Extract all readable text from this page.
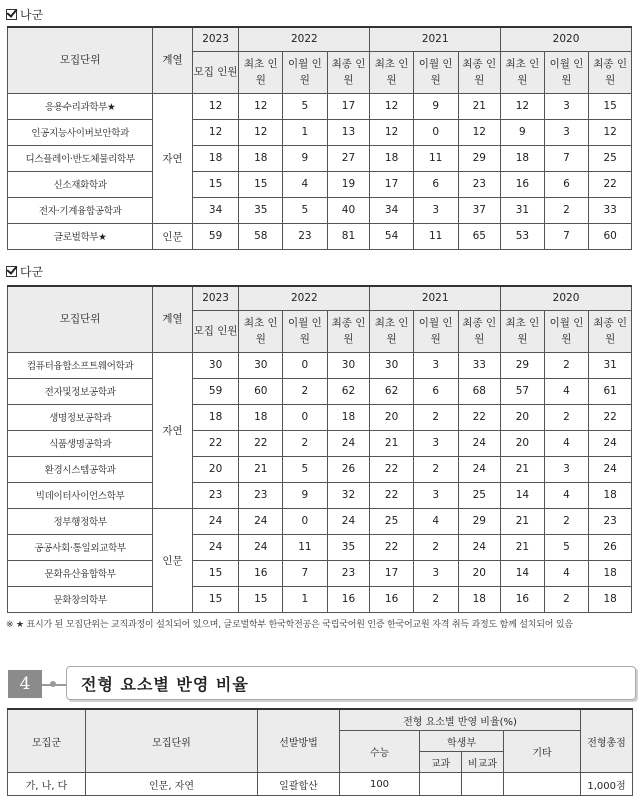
나군
모집단위	계열	2023	2022			2021			2020		
		모집 인원	최초 인원	이월 인원	최종 인원	최초 인원	이월 인원	최종 인원	최초 인원	이월 인원	최종 인원
응용수리과학부★	자연	12	12	5	17	12	9	21	12	3	15
인공지능사이버보안학과		12	12	1	13	12	0	12	9	3	12
디스플레이·반도체물리학부		18	18	9	27	18	11	29	18	7	25
신소재화학과		15	15	4	19	17	6	23	16	6	22
전자·기계융합공학과		34	35	5	40	34	3	37	31	2	33
글로벌학부★	인문	59	58	23	81	54	11	65	53	7	60
다군
모집단위	계열	2023	2022			2021			2020		
		모집 인원	최초 인원	이월 인원	최종 인원	최초 인원	이월 인원	최종 인원	최초 인원	이월 인원	최종 인원
컴퓨터융합소프트웨어학과	자연	30	30	0	30	30	3	33	29	2	31
전자및정보공학과		59	60	2	62	62	6	68	57	4	61
생명정보공학과		18	18	0	18	20	2	22	20	2	22
식품생명공학과		22	22	2	24	21	3	24	20	4	24
환경시스템공학과		20	21	5	26	22	2	24	21	3	24
빅데이터사이언스학부		23	23	9	32	22	3	25	14	4	18
정부행정학부	인문	24	24	0	24	25	4	29	21	2	23
공공사회·통일외교학부		24	24	11	35	22	2	24	21	5	26
문화유산융합학부		15	16	7	23	17	3	20	14	4	18
문화창의학부		15	15	1	16	16	2	18	16	2	18
※ ★ 표시가 된 모집단위는 교직과정이 설치되어 있으며, 글로벌학부 한국학전공은 국립국어원 인증 한국어교원 자격 취득 과정도 함께 설치되어 있음
4	전형 요소별 반영 비율
모집군	모집단위	선발방법	전형 요소별 반영 비율(%)				전형총점
			수능	학생부		기타	
				교과	비교과		
가, 나, 다	인문, 자연	일괄합산	100				1,000점
